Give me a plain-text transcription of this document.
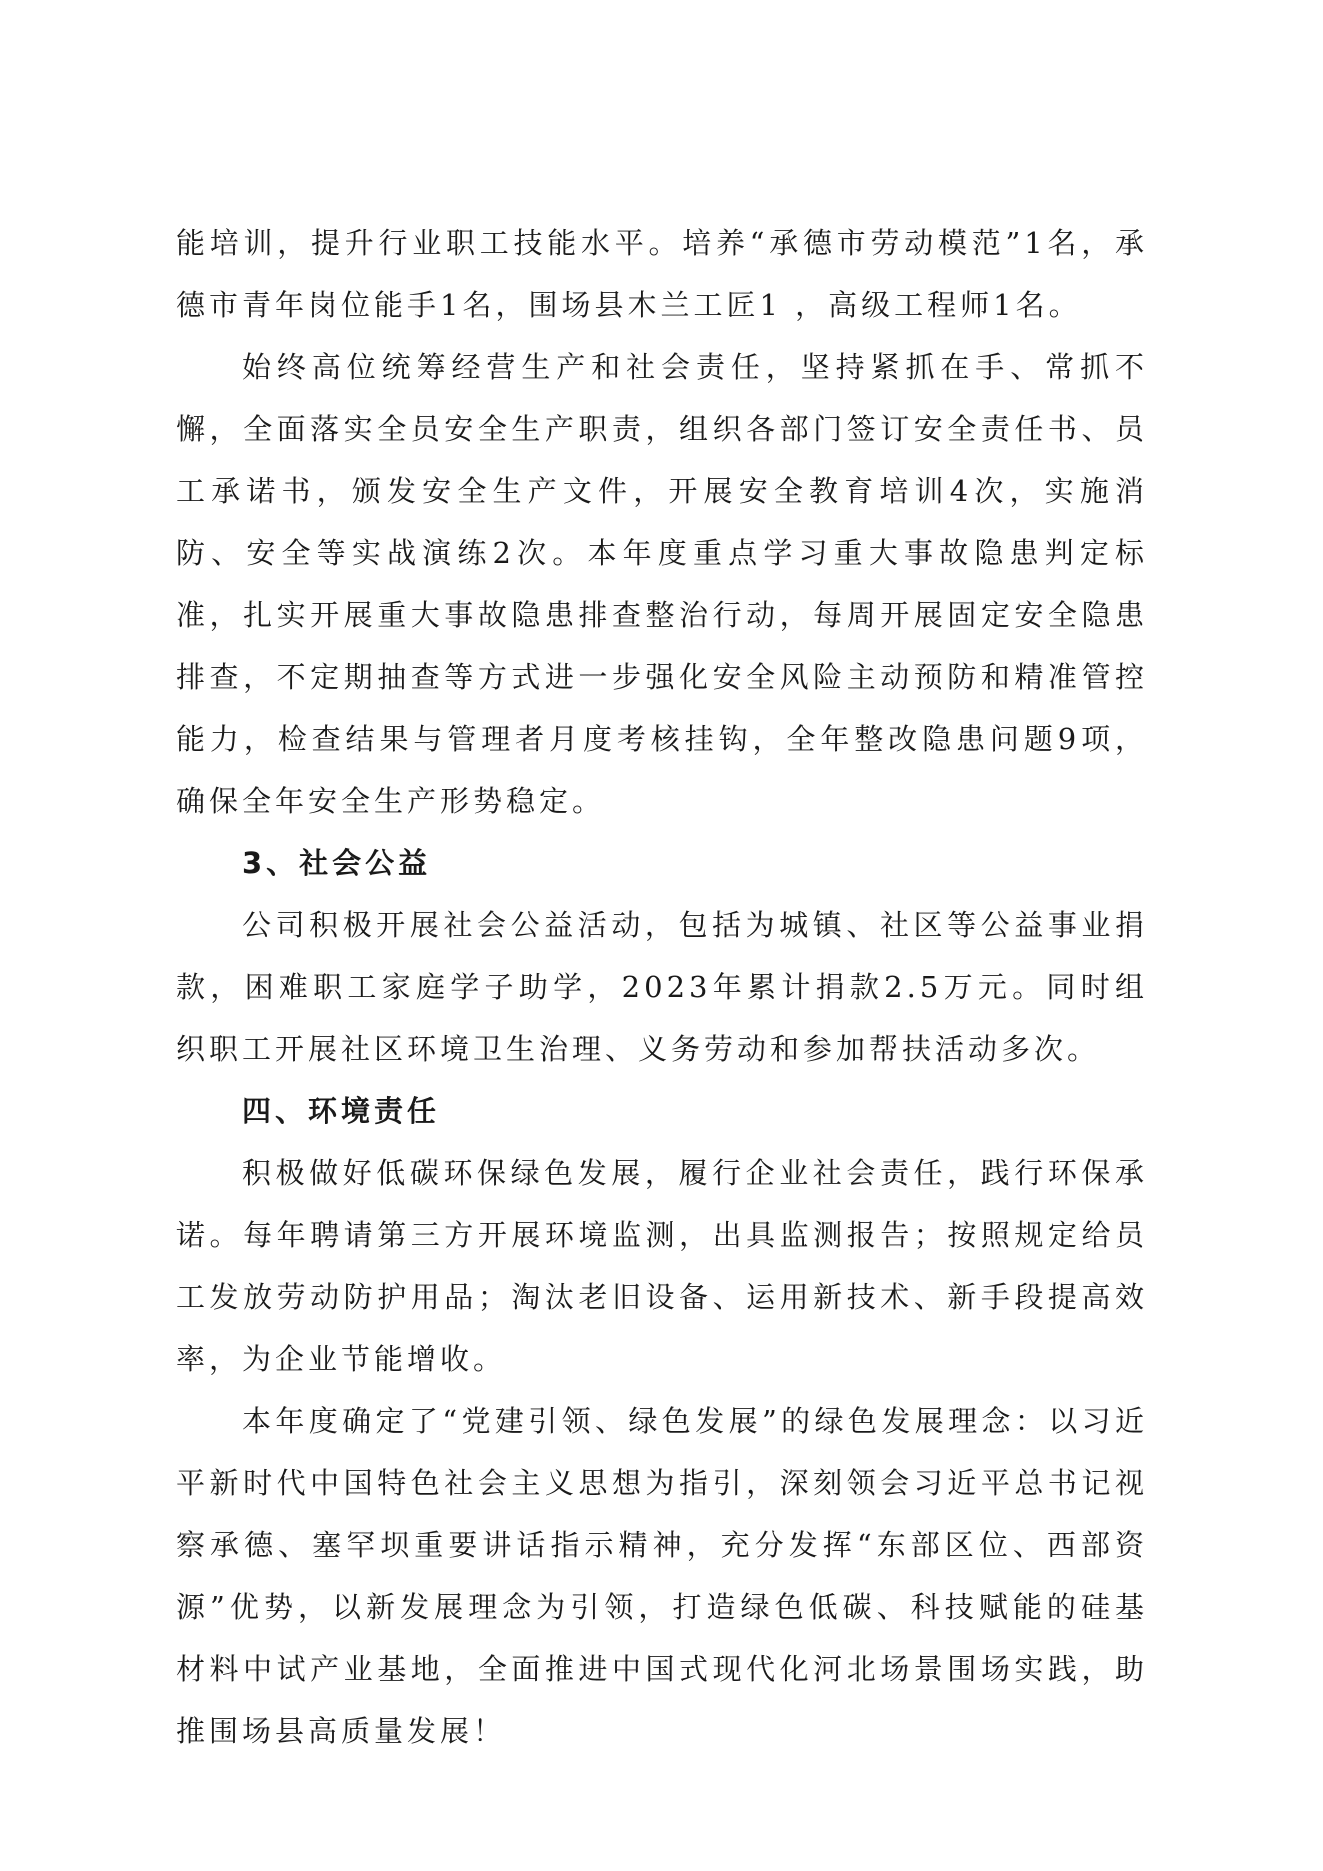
能培训，提升行业职工技能水平。培养“承德市劳动模范”1名，承德市青年岗位能手1名，围场县木兰工匠1 ，高级工程师1名。

始终高位统筹经营生产和社会责任，坚持紧抓在手、常抓不懈，全面落实全员安全生产职责，组织各部门签订安全责任书、员工承诺书，颁发安全生产文件，开展安全教育培训4次，实施消防、安全等实战演练2次。本年度重点学习重大事故隐患判定标准，扎实开展重大事故隐患排查整治行动，每周开展固定安全隐患排查，不定期抽查等方式进一步强化安全风险主动预防和精准管控能力，检查结果与管理者月度考核挂钩，全年整改隐患问题9项，确保全年安全生产形势稳定。

3、社会公益

公司积极开展社会公益活动，包括为城镇、社区等公益事业捐款，困难职工家庭学子助学，2023年累计捐款2.5万元。同时组织职工开展社区环境卫生治理、义务劳动和参加帮扶活动多次。

四、环境责任

积极做好低碳环保绿色发展，履行企业社会责任，践行环保承诺。每年聘请第三方开展环境监测，出具监测报告；按照规定给员工发放劳动防护用品；淘汰老旧设备、运用新技术、新手段提高效率，为企业节能增收。

本年度确定了“党建引领、绿色发展”的绿色发展理念：以习近平新时代中国特色社会主义思想为指引，深刻领会习近平总书记视察承德、塞罕坝重要讲话指示精神，充分发挥“东部区位、西部资源”优势，以新发展理念为引领，打造绿色低碳、科技赋能的硅基材料中试产业基地，全面推进中国式现代化河北场景围场实践，助推围场县高质量发展！
